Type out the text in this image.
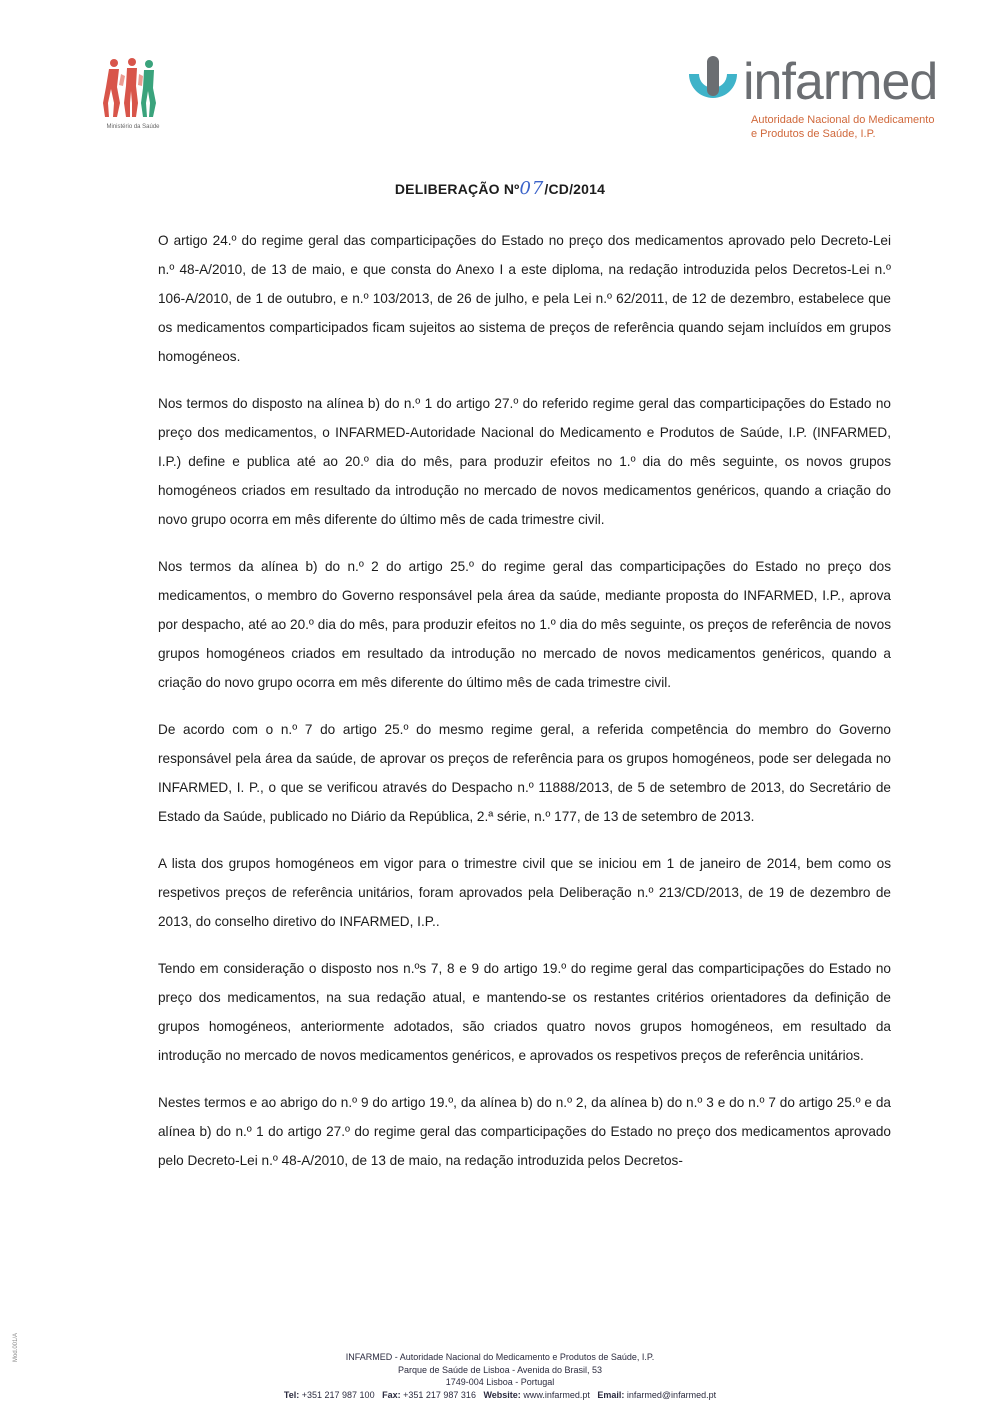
Ministério da Saúde
infarmed
Autoridade Nacional do Medicamento
e Produtos de Saúde, I.P.
DELIBERAÇÃO Nº07/CD/2014

O artigo 24.º do regime geral das comparticipações do Estado no preço dos medicamentos aprovado pelo Decreto-Lei n.º 48-A/2010, de 13 de maio, e que consta do Anexo I a este diploma, na redação introduzida pelos Decretos-Lei n.º 106-A/2010, de 1 de outubro, e n.º 103/2013, de 26 de julho, e pela Lei n.º 62/2011, de 12 de dezembro, estabelece que os medicamentos comparticipados ficam sujeitos ao sistema de preços de referência quando sejam incluídos em grupos homogéneos.

Nos termos do disposto na alínea b) do n.º 1 do artigo 27.º do referido regime geral das comparticipações do Estado no preço dos medicamentos, o INFARMED-Autoridade Nacional do Medicamento e Produtos de Saúde, I.P. (INFARMED, I.P.) define e publica até ao 20.º dia do mês, para produzir efeitos no 1.º dia do mês seguinte, os novos grupos homogéneos criados em resultado da introdução no mercado de novos medicamentos genéricos, quando a criação do novo grupo ocorra em mês diferente do último mês de cada trimestre civil.

Nos termos da alínea b) do n.º 2 do artigo 25.º do regime geral das comparticipações do Estado no preço dos medicamentos, o membro do Governo responsável pela área da saúde, mediante proposta do INFARMED, I.P., aprova por despacho, até ao 20.º dia do mês, para produzir efeitos no 1.º dia do mês seguinte, os preços de referência de novos grupos homogéneos criados em resultado da introdução no mercado de novos medicamentos genéricos, quando a criação do novo grupo ocorra em mês diferente do último mês de cada trimestre civil.

De acordo com o n.º 7 do artigo 25.º do mesmo regime geral, a referida competência do membro do Governo responsável pela área da saúde, de aprovar os preços de referência para os grupos homogéneos, pode ser delegada no INFARMED, I. P., o que se verificou através do Despacho n.º 11888/2013, de 5 de setembro de 2013, do Secretário de Estado da Saúde, publicado no Diário da República, 2.ª série, n.º 177, de 13 de setembro de 2013.

A lista dos grupos homogéneos em vigor para o trimestre civil que se iniciou em 1 de janeiro de 2014, bem como os respetivos preços de referência unitários, foram aprovados pela Deliberação n.º 213/CD/2013, de 19 de dezembro de 2013, do conselho diretivo do INFARMED, I.P..

Tendo em consideração o disposto nos n.ºs 7, 8 e 9 do artigo 19.º do regime geral das comparticipações do Estado no preço dos medicamentos, na sua redação atual, e mantendo-se os restantes critérios orientadores da definição de grupos homogéneos, anteriormente adotados, são criados quatro novos grupos homogéneos, em resultado da introdução no mercado de novos medicamentos genéricos, e aprovados os respetivos preços de referência unitários.

Nestes termos e ao abrigo do n.º 9 do artigo 19.º, da alínea b) do n.º 2, da alínea b) do n.º 3 e do n.º 7 do artigo 25.º e da alínea b) do n.º 1 do artigo 27.º do regime geral das comparticipações do Estado no preço dos medicamentos aprovado pelo Decreto-Lei n.º 48-A/2010, de 13 de maio, na redação introduzida pelos Decretos-

INFARMED - Autoridade Nacional do Medicamento e Produtos de Saúde, I.P.
Parque de Saúde de Lisboa - Avenida do Brasil, 53
1749-004 Lisboa - Portugal
Tel: +351 217 987 100 Fax: +351 217 987 316 Website: www.infarmed.pt Email: infarmed@infarmed.pt
Mod.001/A
